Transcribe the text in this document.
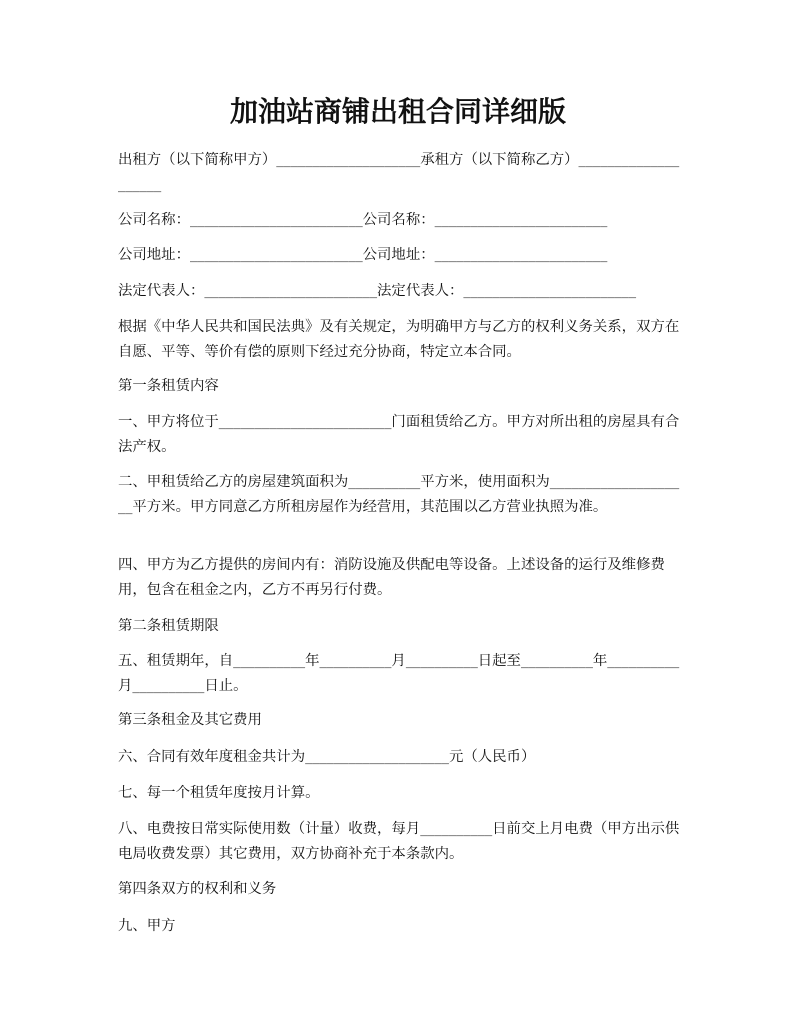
加油站商铺出租合同详细版

出租方（以下简称甲方）____________________承租方（以下简称乙方）____________________

公司名称：________________________公司名称：________________________

公司地址：________________________公司地址：________________________

法定代表人：________________________法定代表人：________________________

根据《中华人民共和国民法典》及有关规定，为明确甲方与乙方的权利义务关系，双方在自愿、平等、等价有偿的原则下经过充分协商，特定立本合同。

第一条租赁内容

一、甲方将位于________________________门面租赁给乙方。甲方对所出租的房屋具有合法产权。

二、甲租赁给乙方的房屋建筑面积为__________平方米，使用面积为____________________平方米。甲方同意乙方所租房屋作为经营用，其范围以乙方营业执照为准。

四、甲方为乙方提供的房间内有：消防设施及供配电等设备。上述设备的运行及维修费用，包含在租金之内，乙方不再另行付费。

第二条租赁期限

五、租赁期年，自__________年__________月__________日起至__________年__________月__________日止。

第三条租金及其它费用

六、合同有效年度租金共计为____________________元（人民币）

七、每一个租赁年度按月计算。

八、电费按日常实际使用数（计量）收费，每月__________日前交上月电费（甲方出示供电局收费发票）其它费用，双方协商补充于本条款内。

第四条双方的权利和义务

九、甲方
